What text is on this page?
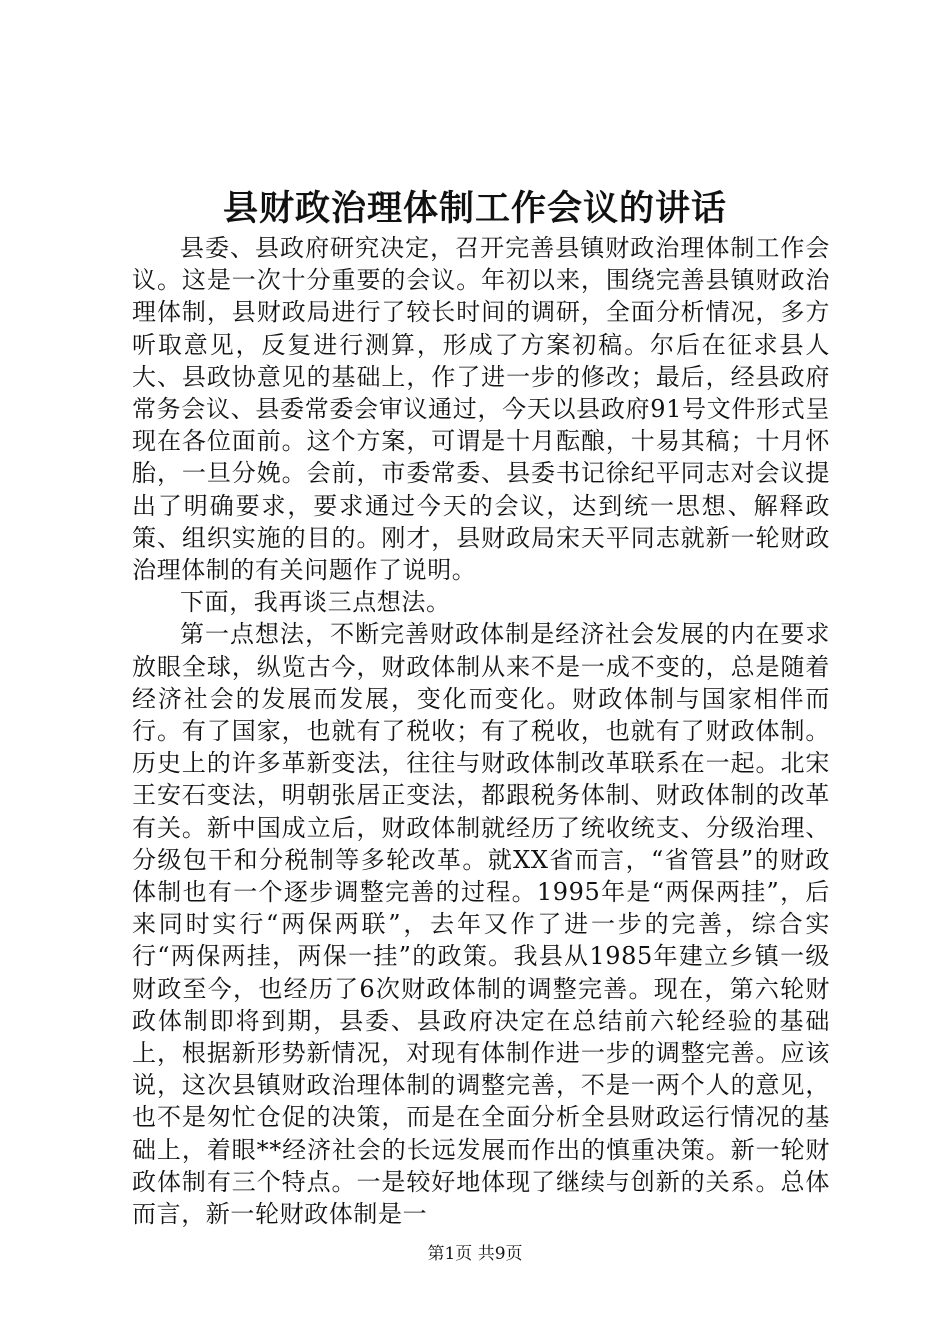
县财政治理体制工作会议的讲话

县委、县政府研究决定，召开完善县镇财政治理体制工作会议。这是一次十分重要的会议。年初以来，围绕完善县镇财政治理体制，县财政局进行了较长时间的调研，全面分析情况，多方听取意见，反复进行测算，形成了方案初稿。尔后在征求县人大、县政协意见的基础上，作了进一步的修改；最后，经县政府常务会议、县委常委会审议通过，今天以县政府91号文件形式呈现在各位面前。这个方案，可谓是十月酝酿，十易其稿；十月怀胎，一旦分娩。会前，市委常委、县委书记徐纪平同志对会议提出了明确要求，要求通过今天的会议，达到统一思想、解释政策、组织实施的目的。刚才，县财政局宋天平同志就新一轮财政治理体制的有关问题作了说明。

下面，我再谈三点想法。

第一点想法，不断完善财政体制是经济社会发展的内在要求放眼全球，纵览古今，财政体制从来不是一成不变的，总是随着经济社会的发展而发展，变化而变化。财政体制与国家相伴而行。有了国家，也就有了税收；有了税收，也就有了财政体制。历史上的许多革新变法，往往与财政体制改革联系在一起。北宋王安石变法，明朝张居正变法，都跟税务体制、财政体制的改革有关。新中国成立后，财政体制就经历了统收统支、分级治理、分级包干和分税制等多轮改革。就XX省而言，“省管县”的财政体制也有一个逐步调整完善的过程。1995年是“两保两挂”，后来同时实行“两保两联”，去年又作了进一步的完善，综合实行“两保两挂，两保一挂”的政策。我县从1985年建立乡镇一级财政至今，也经历了6次财政体制的调整完善。现在，第六轮财政体制即将到期，县委、县政府决定在总结前六轮经验的基础上，根据新形势新情况，对现有体制作进一步的调整完善。应该说，这次县镇财政治理体制的调整完善，不是一两个人的意见，也不是匆忙仓促的决策，而是在全面分析全县财政运行情况的基础上，着眼**经济社会的长远发展而作出的慎重决策。新一轮财政体制有三个特点。一是较好地体现了继续与创新的关系。总体而言，新一轮财政体制是一

第1页 共9页
